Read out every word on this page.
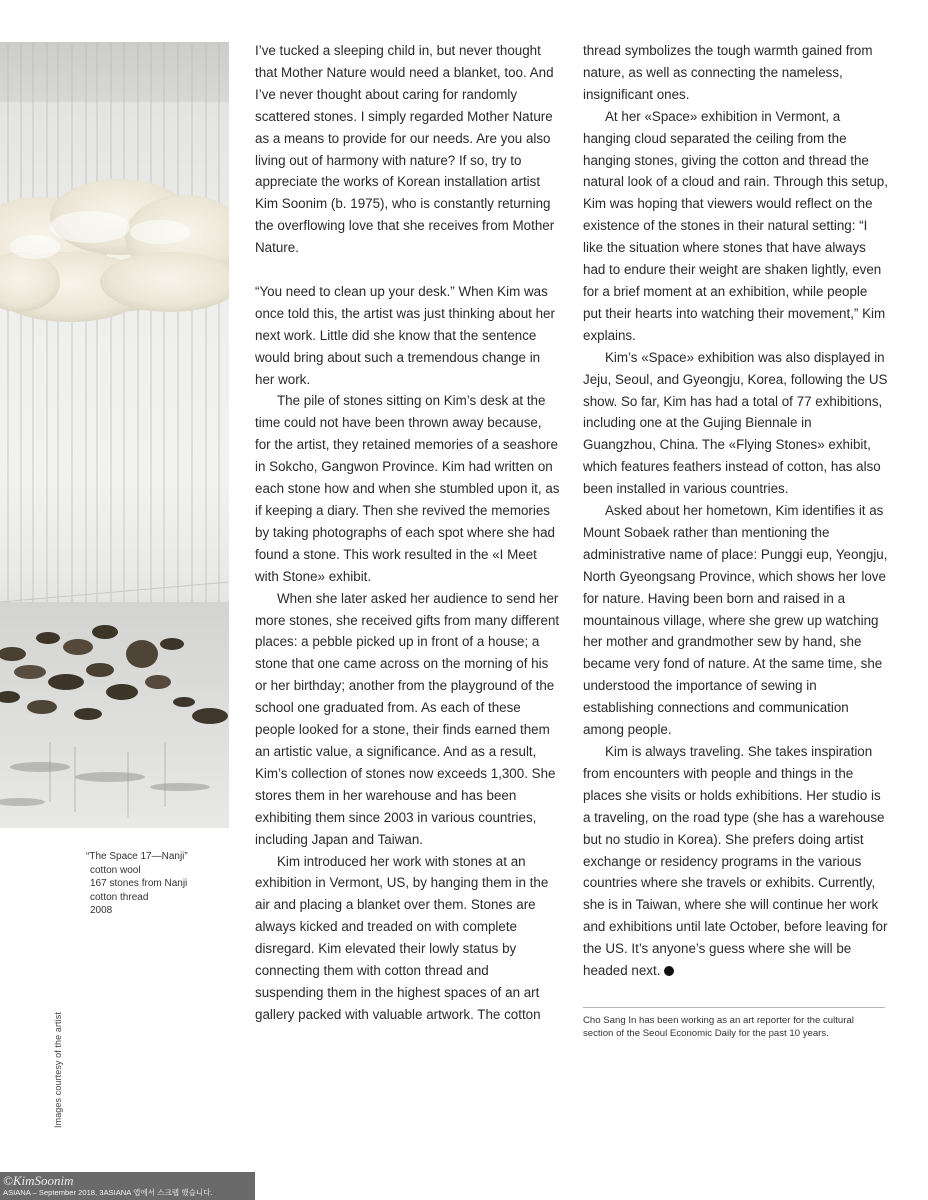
“The Space 17—Nanji”
cotton wool
167 stones from Nanji
cotton thread
2008
Images courtesy of the artist

I’ve tucked a sleeping child in, but never thought that Mother Nature would need a blanket, too. And I’ve never thought about caring for randomly scattered stones. I simply regarded Mother Nature as a means to provide for our needs. Are you also living out of harmony with nature? If so, try to appreciate the works of Korean installation artist Kim Soonim (b. 1975), who is constantly returning the overflowing love that she receives from Mother Nature.

“You need to clean up your desk.” When Kim was once told this, the artist was just thinking about her next work. Little did she know that the sentence would bring about such a tremendous change in her work.

The pile of stones sitting on Kim’s desk at the time could not have been thrown away because, for the artist, they retained memories of a seashore in Sokcho, Gangwon Province. Kim had written on each stone how and when she stumbled upon it, as if keeping a diary. Then she revived the memories by taking photographs of each spot where she had found a stone. This work resulted in the «I Meet with Stone» exhibit.

When she later asked her audience to send her more stones, she received gifts from many different places: a pebble picked up in front of a house; a stone that one came across on the morning of his or her birthday; another from the playground of the school one graduated from. As each of these people looked for a stone, their finds earned them an artistic value, a significance. And as a result, Kim’s collection of stones now exceeds 1,300. She stores them in her warehouse and has been exhibiting them since 2003 in various countries, including Japan and Taiwan.

Kim introduced her work with stones at an exhibition in Vermont, US, by hanging them in the air and placing a blanket over them. Stones are always kicked and treaded on with complete disregard. Kim elevated their lowly status by connecting them with cotton thread and suspending them in the highest spaces of an art gallery packed with valuable artwork. The cotton

thread symbolizes the tough warmth gained from nature, as well as connecting the nameless, insignificant ones.

At her «Space» exhibition in Vermont, a hanging cloud separated the ceiling from the hanging stones, giving the cotton and thread the natural look of a cloud and rain. Through this setup, Kim was hoping that viewers would reflect on the existence of the stones in their natural setting: “I like the situation where stones that have always had to endure their weight are shaken lightly, even for a brief moment at an exhibition, while people put their hearts into watching their movement,” Kim explains.

Kim’s «Space» exhibition was also displayed in Jeju, Seoul, and Gyeongju, Korea, following the US show. So far, Kim has had a total of 77 exhibitions, including one at the Gujing Biennale in Guangzhou, China. The «Flying Stones» exhibit, which features feathers instead of cotton, has also been installed in various countries.

Asked about her hometown, Kim identifies it as Mount Sobaek rather than mentioning the administrative name of place: Punggi eup, Yeongju, North Gyeongsang Province, which shows her love for nature. Having been born and raised in a mountainous village, where she grew up watching her mother and grandmother sew by hand, she became very fond of nature. At the same time, she understood the importance of sewing in establishing connections and communication among people.

Kim is always traveling. She takes inspiration from encounters with people and things in the places she visits or holds exhibitions. Her studio is a traveling, on the road type (she has a warehouse but no studio in Korea). She prefers doing artist exchange or residency programs in the various countries where she travels or exhibits. Currently, she is in Taiwan, where she will continue her work and exhibitions until late October, before leaving for the US. It’s anyone’s guess where she will be headed next.

Cho Sang In has been working as an art reporter for the cultural section of the Seoul Economic Daily for the past 10 years.
©KimSoonim
ASIANA – September 2018, 3ASIANA 앱에서 스크랩 했습니다.
